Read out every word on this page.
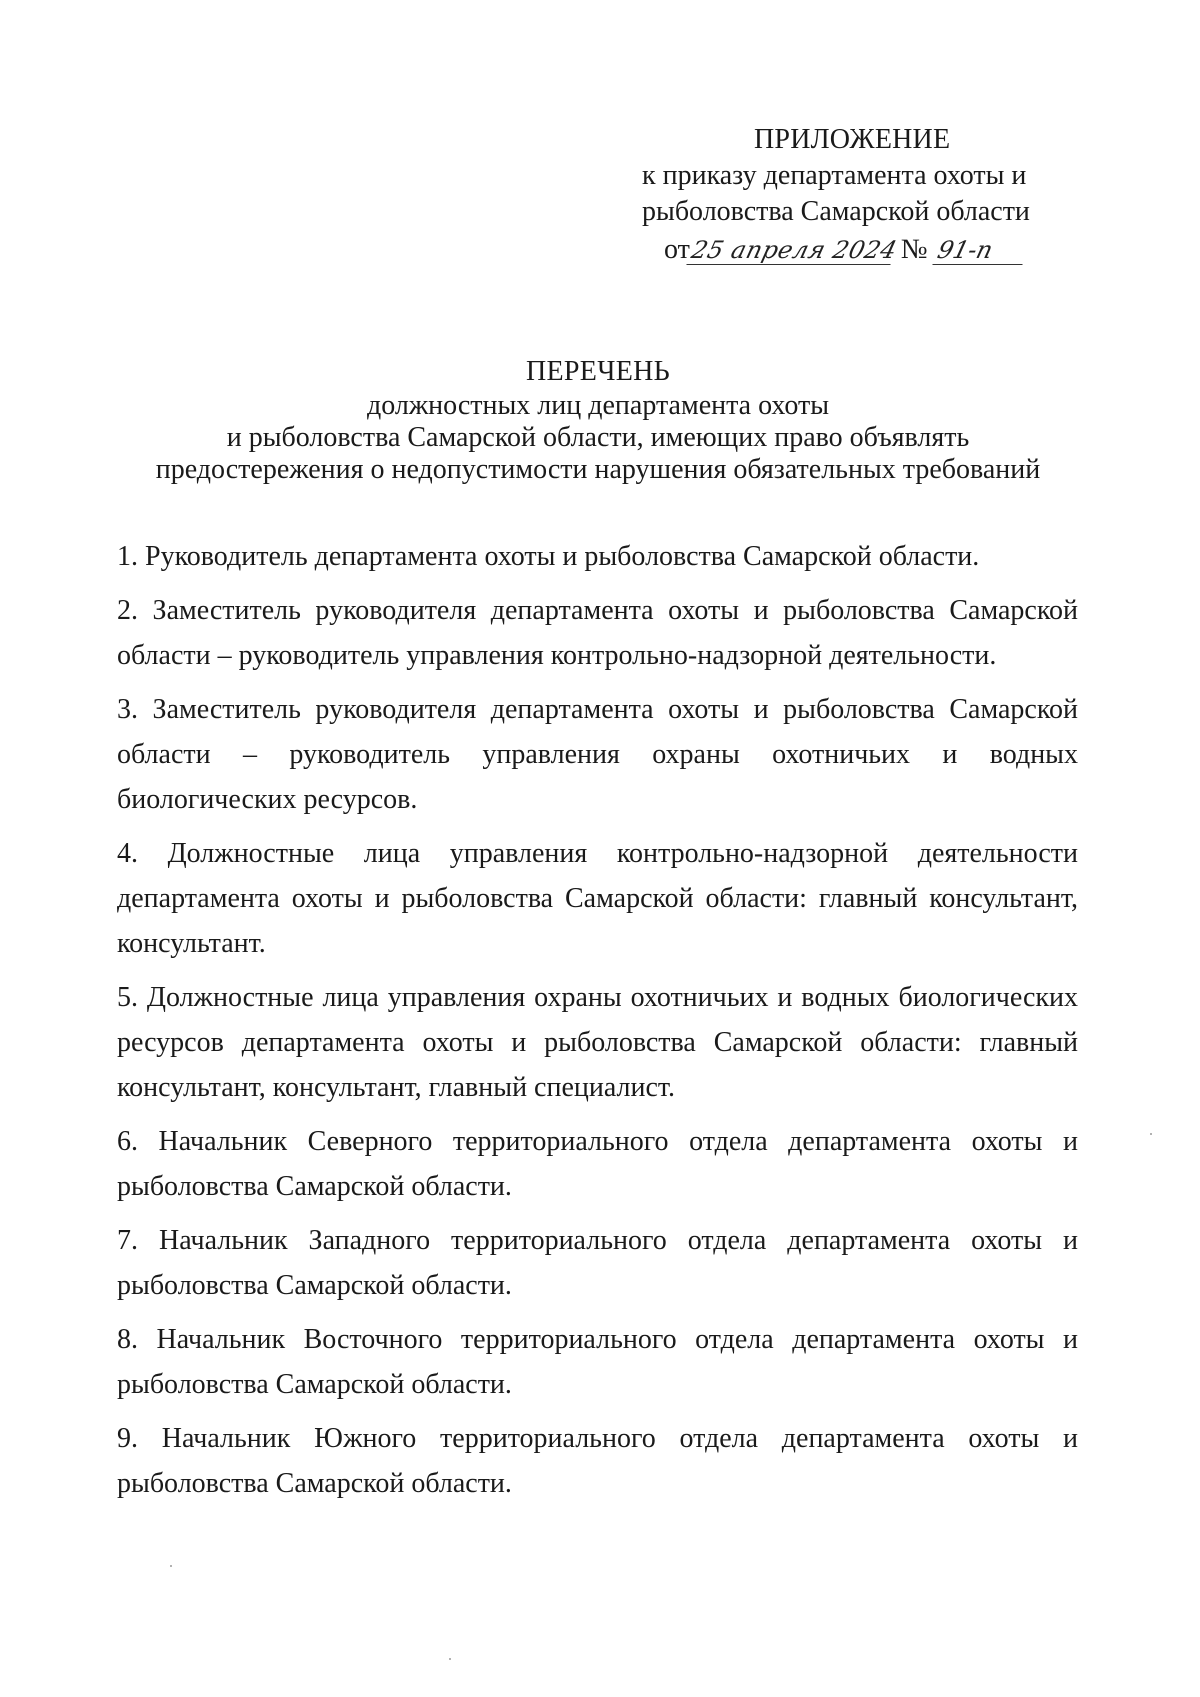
ПРИЛОЖЕНИЕ
к приказу департамента охоты и
рыболовства Самарской области
от25 апреля 2024 № 91-п
ПЕРЕЧЕНЬ
должностных лиц департамента охоты
и рыболовства Самарской области, имеющих право объявлять
предостережения о недопустимости нарушения обязательных требований

1. Руководитель департамента охоты и рыболовства Самарской области.

2. Заместитель руководителя департамента охоты и рыболовства Самарской области – руководитель управления контрольно-надзорной деятельности.

3. Заместитель руководителя департамента охоты и рыболовства Самарской области – руководитель управления охраны охотничьих и водных биологических ресурсов.

4. Должностные лица управления контрольно-надзорной деятельности департамента охоты и рыболовства Самарской области: главный консультант, консультант.

5. Должностные лица управления охраны охотничьих и водных биологических ресурсов департамента охоты и рыболовства Самарской области: главный консультант, консультант, главный специалист.

6. Начальник Северного территориального отдела департамента охоты и рыболовства Самарской области.

7. Начальник Западного территориального отдела департамента охоты и рыболовства Самарской области.

8. Начальник Восточного территориального отдела департамента охоты и рыболовства Самарской области.

9. Начальник Южного территориального отдела департамента охоты и рыболовства Самарской области.
